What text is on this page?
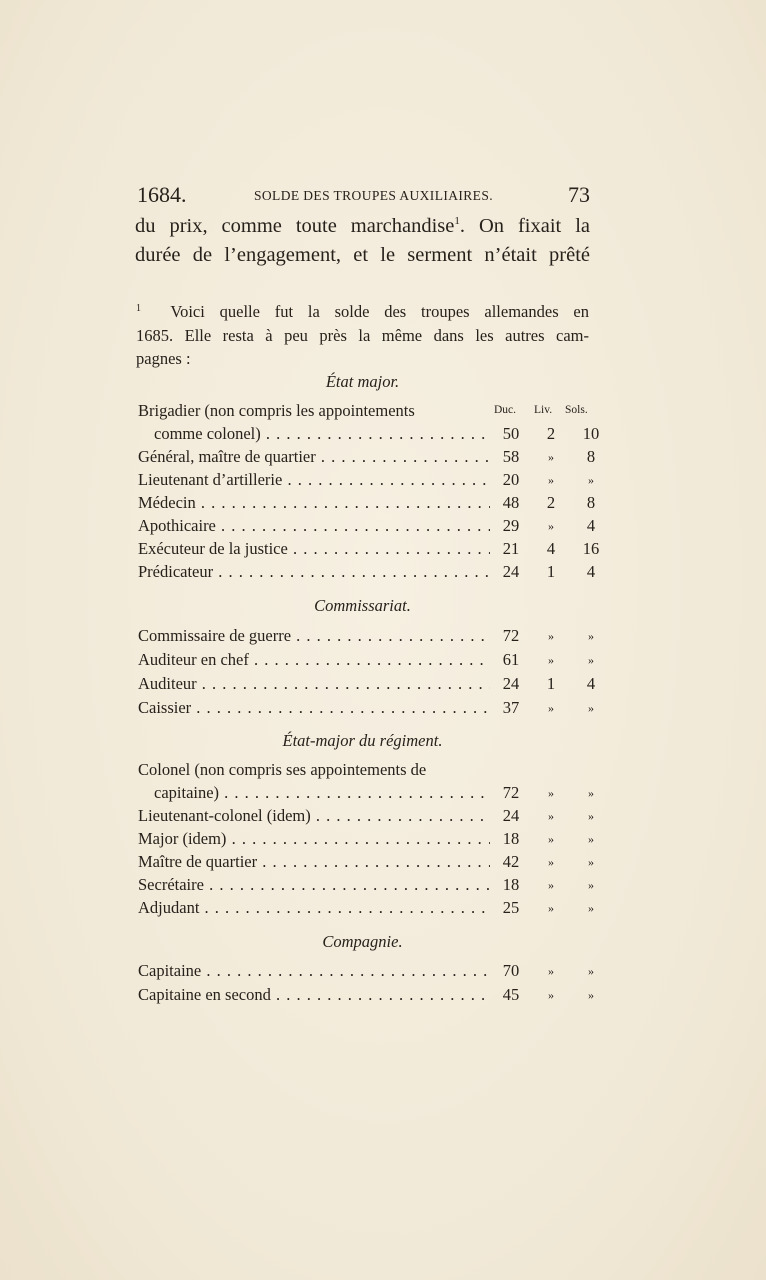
1684.	SOLDE DES TROUPES AUXILIAIRES.	73
du prix, comme toute marchandise$^1$. On fixait la
durée de l’engagement, et le serment n’était prêté
$^1$ Voici quelle fut la solde des troupes allemandes en
1685. Elle resta à peu près la même dans les autres cam-
pagnes :
État major.
Duc. Liv. Sols.
Brigadier (non compris les appointements
comme colonel) . . .	50	2	10
Général, maître de quartier . . .	58	»	8
Lieutenant d’artillerie . . .	20	»	»
Médecin . . .	48	2	8
Apothicaire . . .	29	»	4
Exécuteur de la justice . . .	21	4	16
Prédicateur . . .	24	1	4
Commissariat.
Commissaire de guerre . . .	72	»	»
Auditeur en chef . . .	61	»	»
Auditeur . . .	24	1	4
Caissier . . .	37	»	»
État-major du régiment.
Colonel (non compris ses appointements de
capitaine) . . .	72	»	»
Lieutenant-colonel (idem) . . .	24	»	»
Major (idem) . . .	18	»	»
Maître de quartier . . .	42	»	»
Secrétaire . . .	18	»	»
Adjudant . . .	25	»	»
Compagnie.
Capitaine . . .	70	»	»
Capitaine en second . . .	45	»	»
